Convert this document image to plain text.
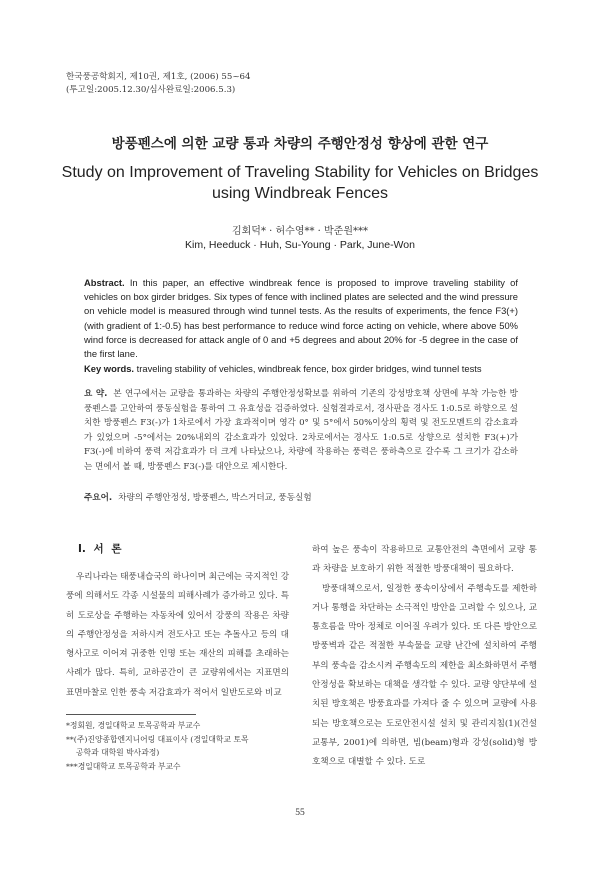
한국풍공학회지, 제10권, 제1호, (2006) 55~64
(투고일:2005.12.30/심사완료일:2006.5.3)
방풍펜스에 의한 교량 통과 차량의 주행안정성 향상에 관한 연구
Study on Improvement of Traveling Stability for Vehicles on Bridges using Windbreak Fences
김회덕* · 허수영** · 박준원***
Kim, Heeduck · Huh, Su-Young · Park, June-Won
Abstract. In this paper, an effective windbreak fence is proposed to improve traveling stability of vehicles on box girder bridges. Six types of fence with inclined plates are selected and the wind pressure on vehicle model is measured through wind tunnel tests. As the results of experiments, the fence F3(+) (with gradient of 1:-0.5) has best performance to reduce wind force acting on vehicle, where above 50% wind force is decreased for attack angle of 0 and +5 degrees and about 20% for -5 degree in the case of the first lane.
Key words. traveling stability of vehicles, windbreak fence, box girder bridges, wind tunnel tests
요 약. 본 연구에서는 교량을 통과하는 차량의 주행안정성확보를 위하여 기존의 강성방호책 상면에 부착 가능한 방풍펜스를 고안하여 풍동실험을 통하여 그 유효성을 검증하였다. 실험결과로서, 경사판을 경사도 1:0.5로 하향으로 설치한 방풍펜스 F3(-)가 1차로에서 가장 효과적이며 영각 0° 및 5°에서 50%이상의 횡력 및 전도모멘트의 감소효과가 있었으며 -5°에서는 20%내외의 감소효과가 있었다. 2차로에서는 경사도 1:0.5로 상향으로 설치한 F3(+)가 F3(-)에 비하여 풍력 저감효과가 더 크게 나타났으나, 차량에 작용하는 풍력은 풍하측으로 갈수록 그 크기가 감소하는 면에서 볼 때, 방풍펜스 F3(-)를 대안으로 제시한다.
주요어. 차량의 주행안정성, 방풍펜스, 박스거더교, 풍동실험
I. 서 론
우리나라는 태풍내습국의 하나이며 최근에는 국지적인 강풍에 의해서도 각종 시설물의 피해사례가 증가하고 있다. 특히 도로상을 주행하는 자동차에 있어서 강풍의 작용은 차량의 주행안정성을 저하시켜 전도사고 또는 추돌사고 등의 대형사고로 이어져 귀중한 인명 또는 재산의 피해를 초래하는 사례가 많다. 특히, 교하공간이 큰 교량위에서는 지표면의 표면마찰로 인한 풍속 저감효과가 적어서 일반도로와 비교
하여 높은 풍속이 작용하므로 교통안전의 측면에서 교량 통과 차량을 보호하기 위한 적절한 방풍대책이 필요하다.
방풍대책으로서, 일정한 풍속이상에서 주행속도를 제한하거나 통행을 차단하는 소극적인 방안을 고려할 수 있으나, 교통흐름을 막아 정체로 이어질 우려가 있다. 또 다른 방안으로 방풍벽과 같은 적절한 부속물을 교량 난간에 설치하여 주행부의 풍속을 감소시켜 주행속도의 제한을 최소화하면서 주행안정성을 확보하는 대책을 생각할 수 있다. 교량 양단부에 설치된 방호책은 방풍효과를 가져다 줄 수 있으며 교량에 사용되는 방호책으로는 도로안전시설 설치 및 관리지침(1)(건설교통부, 2001)에 의하면, 빔(beam)형과 강성(solid)형 방호책으로 대별할 수 있다. 도로
*정회원, 경일대학교 토목공학과 부교수
**(주)진양종합엔지니어링 대표이사 (경일대학교 토목
공학과 대학원 박사과정)
***경일대학교 토목공학과 부교수
55
